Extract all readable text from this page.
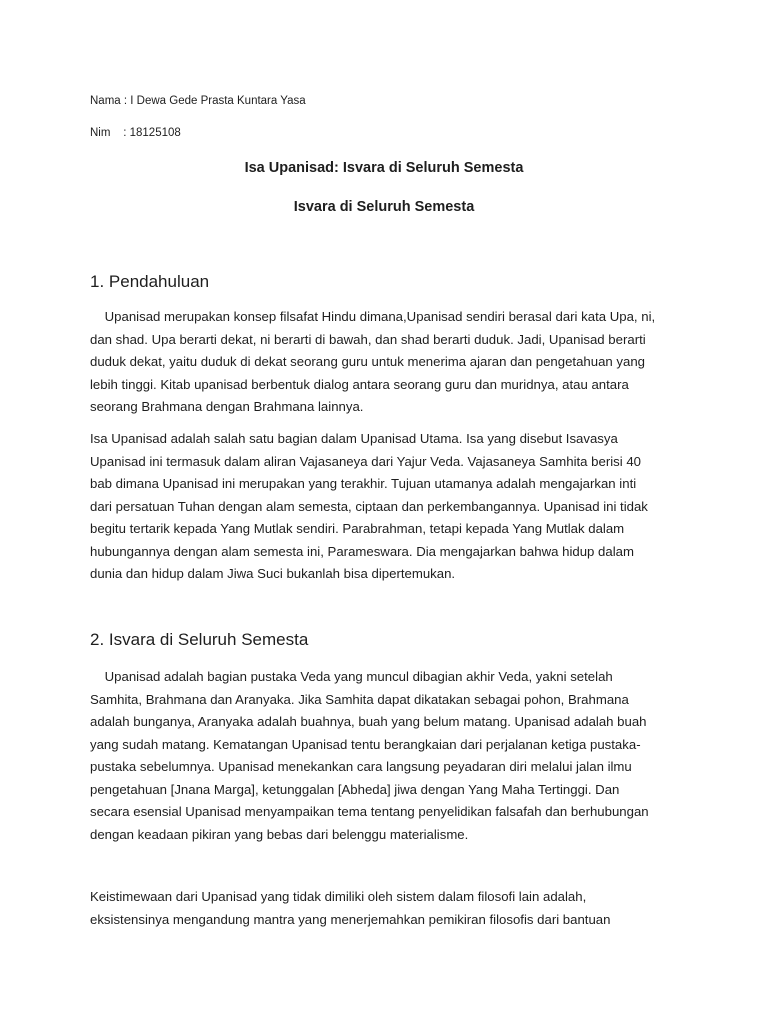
Nama : I Dewa Gede Prasta Kuntara Yasa
Nim    : 18125108
Isa Upanisad: Isvara di Seluruh Semesta
Isvara di Seluruh Semesta
1. Pendahuluan
Upanisad merupakan konsep filsafat Hindu dimana,Upanisad sendiri berasal dari kata Upa, ni,
dan shad. Upa berarti dekat, ni berarti di bawah, dan shad berarti duduk. Jadi, Upanisad berarti
duduk dekat, yaitu duduk di dekat seorang guru untuk menerima ajaran dan pengetahuan yang
lebih tinggi. Kitab upanisad berbentuk dialog antara seorang guru dan muridnya, atau antara
seorang Brahmana dengan Brahmana lainnya.
Isa Upanisad adalah salah satu bagian dalam Upanisad Utama. Isa yang disebut Isavasya
Upanisad ini termasuk dalam aliran Vajasaneya dari Yajur Veda. Vajasaneya Samhita berisi 40
bab dimana Upanisad ini merupakan yang terakhir. Tujuan utamanya adalah mengajarkan inti
dari persatuan Tuhan dengan alam semesta, ciptaan dan perkembangannya. Upanisad ini tidak
begitu tertarik kepada Yang Mutlak sendiri. Parabrahman, tetapi kepada Yang Mutlak dalam
hubungannya dengan alam semesta ini, Parameswara. Dia mengajarkan bahwa hidup dalam
dunia dan hidup dalam Jiwa Suci bukanlah bisa dipertemukan.
2. Isvara di Seluruh Semesta
Upanisad adalah bagian pustaka Veda yang muncul dibagian akhir Veda, yakni setelah
Samhita, Brahmana dan Aranyaka. Jika Samhita dapat dikatakan sebagai pohon, Brahmana
adalah bunganya, Aranyaka adalah buahnya, buah yang belum matang. Upanisad adalah buah
yang sudah matang. Kematangan Upanisad tentu berangkaian dari perjalanan ketiga pustaka-
pustaka sebelumnya. Upanisad menekankan cara langsung peyadaran diri melalui jalan ilmu
pengetahuan [Jnana Marga], ketunggalan [Abheda] jiwa dengan Yang Maha Tertinggi. Dan
secara esensial Upanisad menyampaikan tema tentang penyelidikan falsafah dan berhubungan
dengan keadaan pikiran yang bebas dari belenggu materialisme.
Keistimewaan dari Upanisad yang tidak dimiliki oleh sistem dalam filosofi lain adalah,
eksistensinya mengandung mantra yang menerjemahkan pemikiran filosofis dari bantuan
